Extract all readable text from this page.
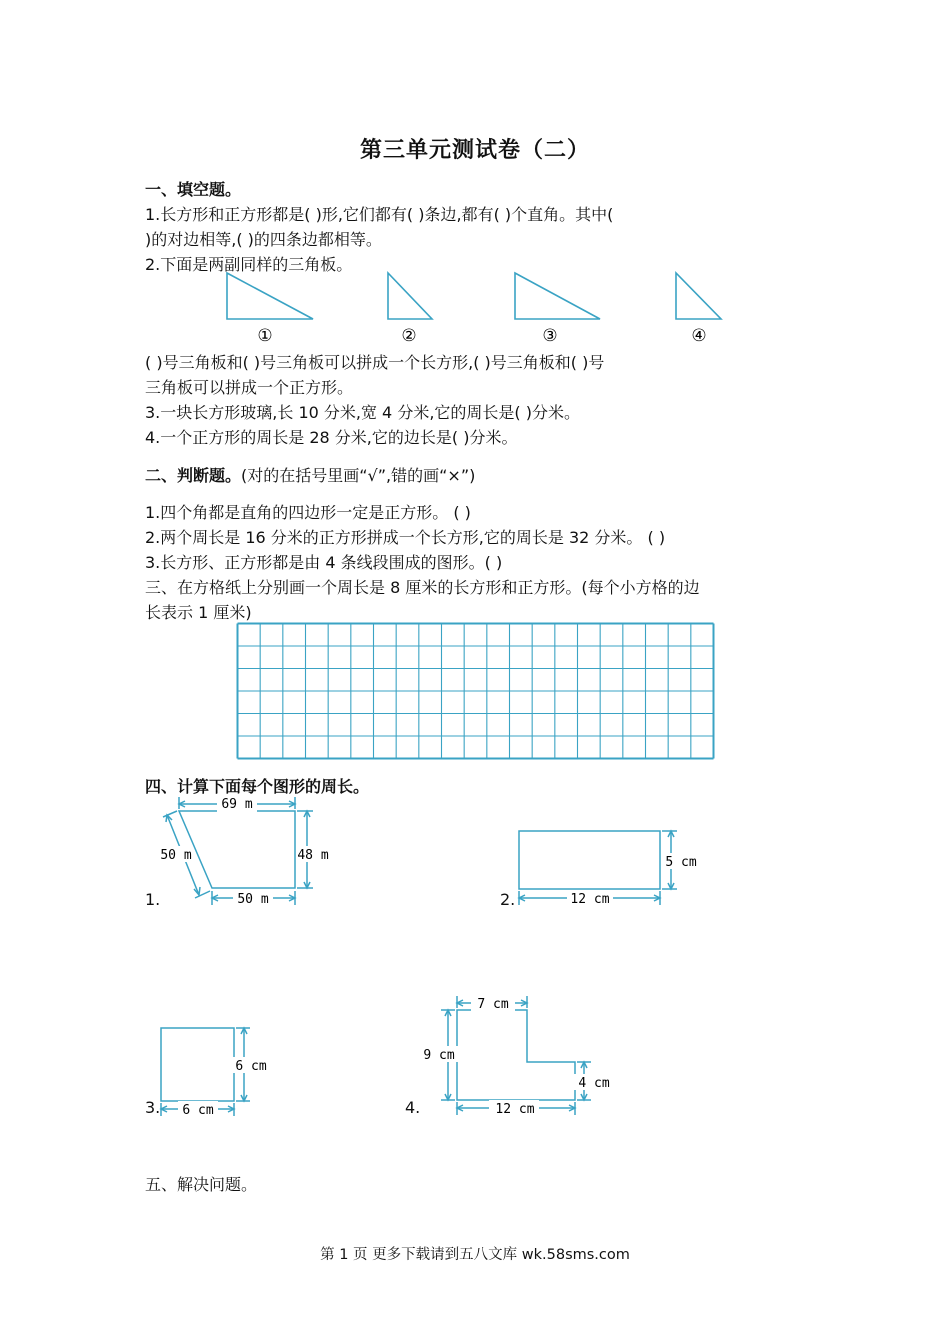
第三单元测试卷（二）
一、填空题。
1.长方形和正方形都是( )形,它们都有( )条边,都有( )个直角。其中(
)的对边相等,( )的四条边都相等。
2.下面是两副同样的三角板。
①	②	③	④
( )号三角板和( )号三角板可以拼成一个长方形,( )号三角板和( )号
三角板可以拼成一个正方形。
3.一块长方形玻璃,长 10 分米,宽 4 分米,它的周长是( )分米。
4.一个正方形的周长是 28 分米,它的边长是( )分米。
二、判断题。(对的在括号里画“√”,错的画“×”)
1.四个角都是直角的四边形一定是正方形。 ( )
2.两个周长是 16 分米的正方形拼成一个长方形,它的周长是 32 分米。 ( )
3.长方形、正方形都是由 4 条线段围成的图形。( )
三、在方格纸上分别画一个周长是 8 厘米的长方形和正方形。(每个小方格的边
长表示 1 厘米)
四、计算下面每个图形的周长。
1.
69 m
50 m	48 m
50 m	2.
5 cm
12 cm
3.
6 cm
6 cm	4.
7 cm
9 cm
4 cm
12 cm
五、解决问题。
第 1 页 更多下载请到五八文库 wk.58sms.com
